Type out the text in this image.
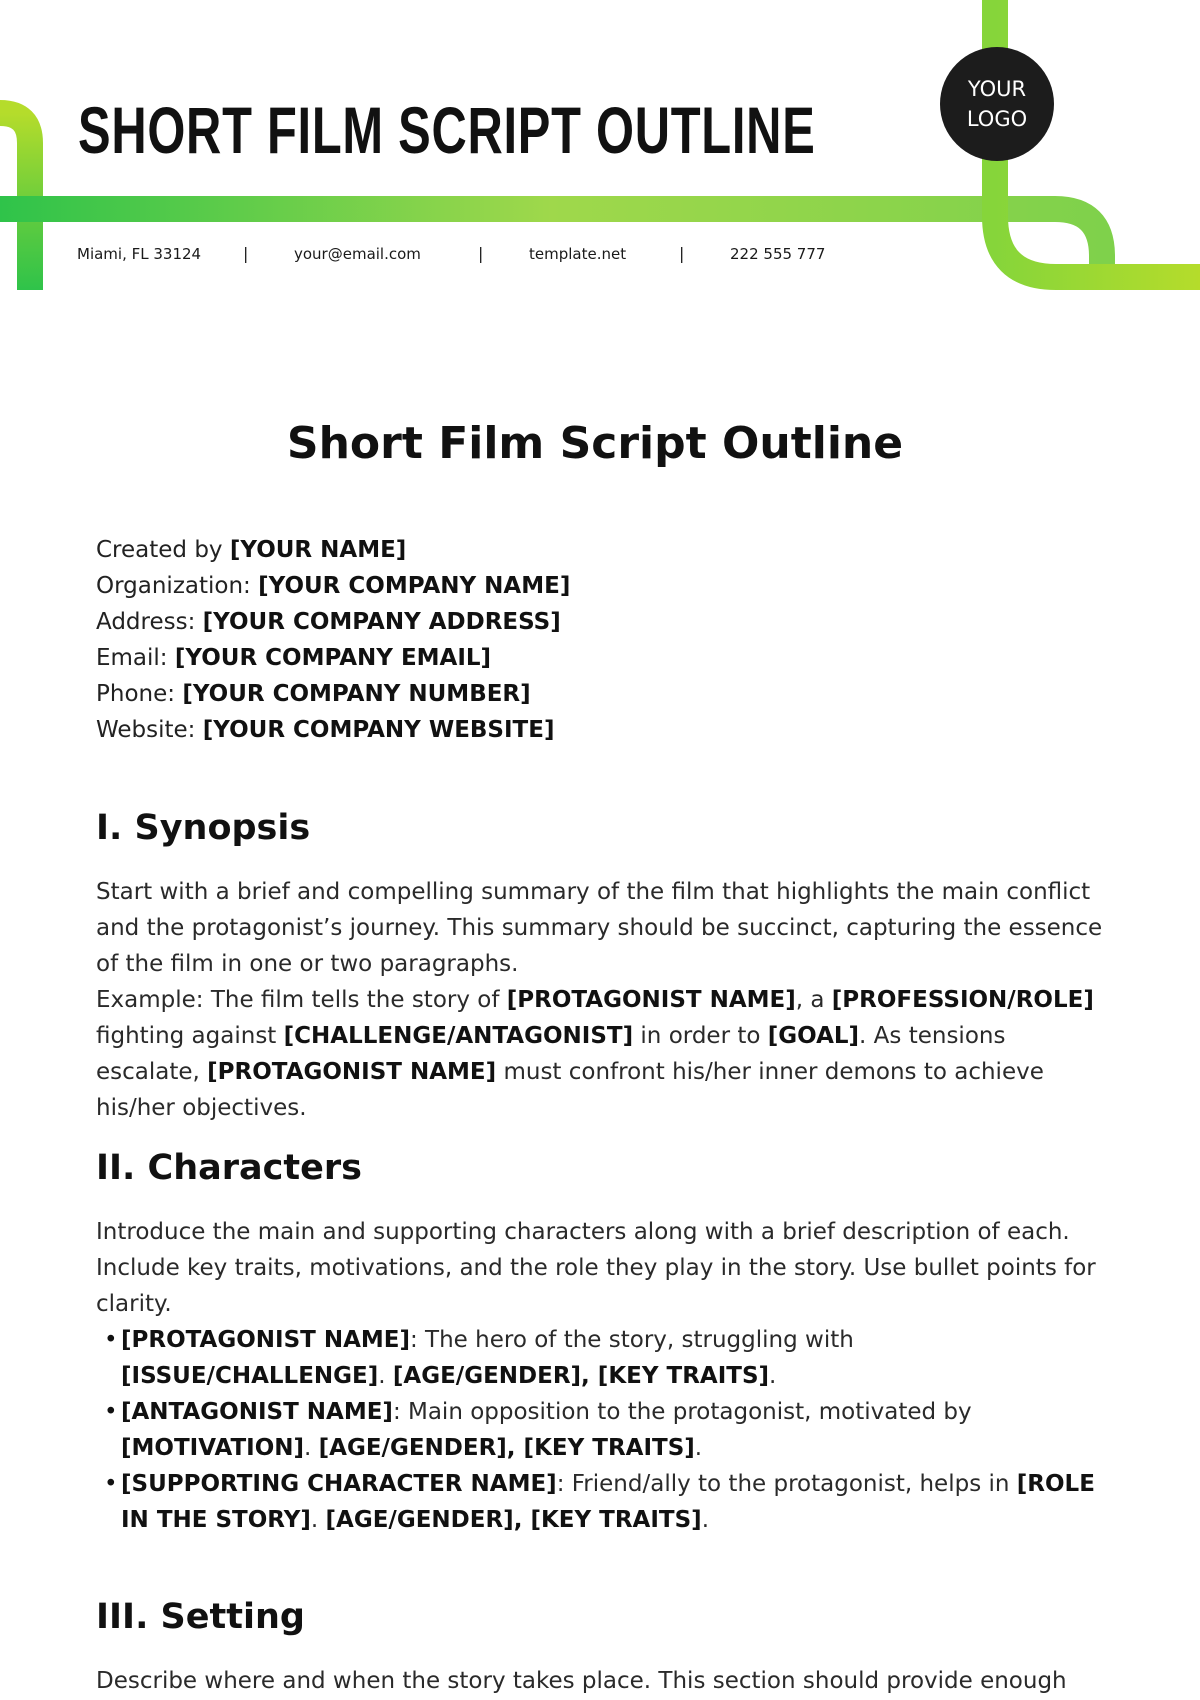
SHORT FILM SCRIPT OUTLINE
YOUR
LOGO
Miami, FL 33124	|	your@email.com	|	template.net	|	222 555 777
Short Film Script Outline
Created by [YOUR NAME]
Organization: [YOUR COMPANY NAME]
Address: [YOUR COMPANY ADDRESS]
Email: [YOUR COMPANY EMAIL]
Phone: [YOUR COMPANY NUMBER]
Website: [YOUR COMPANY WEBSITE]
I. Synopsis

Start with a brief and compelling summary of the film that highlights the main conflict and the protagonist’s journey. This summary should be succinct, capturing the essence of the film in one or two paragraphs.

Example: The film tells the story of [PROTAGONIST NAME], a [PROFESSION/ROLE] fighting against [CHALLENGE/ANTAGONIST] in order to [GOAL]. As tensions escalate, [PROTAGONIST NAME] must confront his/her inner demons to achieve his/her objectives.

II. Characters

Introduce the main and supporting characters along with a brief description of each. Include key traits, motivations, and the role they play in the story. Use bullet points for clarity.

• [PROTAGONIST NAME]: The hero of the story, struggling with [ISSUE/CHALLENGE]. [AGE/GENDER], [KEY TRAITS].
• [ANTAGONIST NAME]: Main opposition to the protagonist, motivated by [MOTIVATION]. [AGE/GENDER], [KEY TRAITS].
• [SUPPORTING CHARACTER NAME]: Friend/ally to the protagonist, helps in [ROLE IN THE STORY]. [AGE/GENDER], [KEY TRAITS].
III. Setting

Describe where and when the story takes place. This section should provide enough
